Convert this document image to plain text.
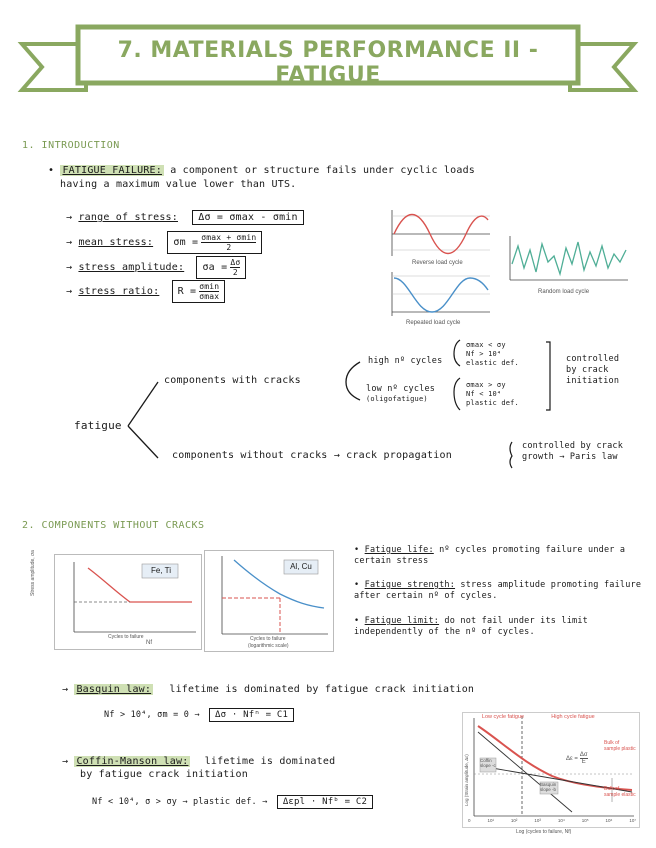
7. MATERIALS PERFORMANCE II - FATIGUE
1. INTRODUCTION
• FATIGUE FAILURE: a component or structure fails under cyclic loads
having a maximum value lower than UTS.
→ range of stress: Δσ = σmax - σmin
→ mean stress: σm = σmax + σmin
2
→ stress amplitude: $\sigma a = \frac{\Delta\sigma}{2}$
→ stress ratio: R = σmin
σmax
Reverse load cycle
Repeated load cycle
Random load cycle
fatigue
components with cracks
components without cracks → crack propagation
high nº cycles
low nº cycles
(oligofatigue)
σmax < σy
Nf > 10⁴
elastic def.
σmax > σy
Nf < 10⁴
plastic def.
controlled
by crack
initiation
controlled by crack
growth → Paris law
2. COMPONENTS WITHOUT CRACKS
Fe, Ti
Cycles to failure
Nf
Al, Cu
Cycles to failure
(logarithmic scale)
Stress amplitude, σa
• Fatigue life: nº cycles promoting failure under a certain stress
• Fatigue strength: stress amplitude promoting failure after certain nº of cycles.
• Fatigue limit: do not fail under its limit independently of the nº of cycles.
→ Basquin law: lifetime is dominated by fatigue crack initiation
Nf > 10⁴, σm = 0 → Δσ · Nfⁿ = C1
→ Coffin-Manson law: lifetime is dominated
by fatigue crack initiation
Nf < 10⁴, σ > σy → plastic def. → Δεpl · Nfᵇ = C2
Low cycle fatigue	High cycle fatigue
Coffin slope -c
Basquin slope -b
Bulk of sample plastic
Bulk of sample elastic
$\Delta\varepsilon = \frac{\Delta\sigma}{E}$
Log (Strain amplitude, Δε)
Log (cycles to failure, Nf)
0	10¹	10²	10³	10⁴	10⁵	10⁶	10⁷
